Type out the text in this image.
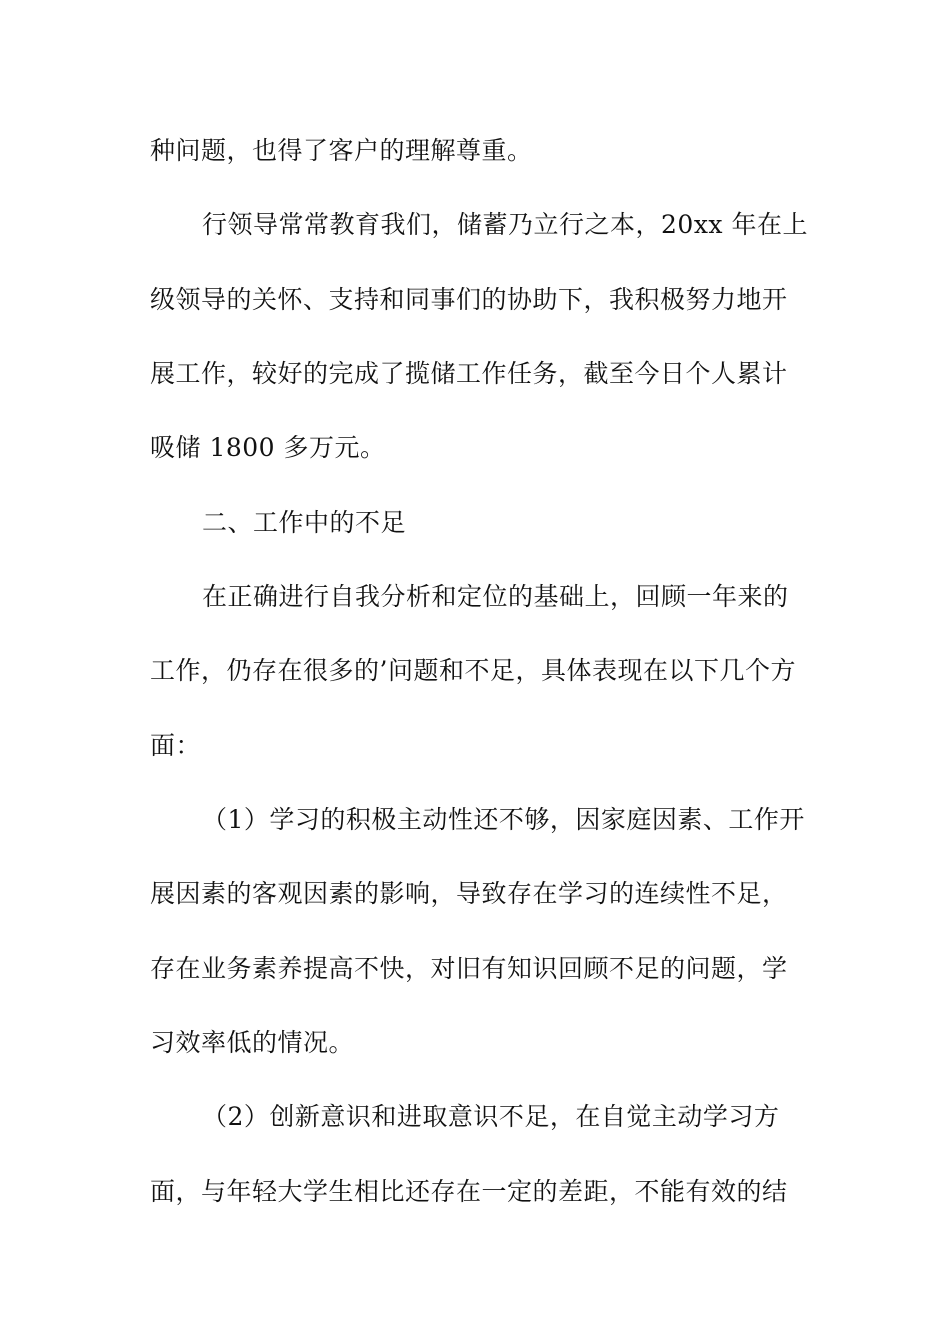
种问题，也得了客户的理解尊重。
行领导常常教育我们，储蓄乃立行之本，20xx 年在上
级领导的关怀、支持和同事们的协助下，我积极努力地开
展工作，较好的完成了揽储工作任务，截至今日个人累计
吸储 1800 多万元。
二、工作中的不足
在正确进行自我分析和定位的基础上，回顾一年来的
工作，仍存在很多的’问题和不足，具体表现在以下几个方
面：
（1）学习的积极主动性还不够，因家庭因素、工作开
展因素的客观因素的影响，导致存在学习的连续性不足，
存在业务素养提高不快，对旧有知识回顾不足的问题，学
习效率低的情况。
（2）创新意识和进取意识不足，在自觉主动学习方
面，与年轻大学生相比还存在一定的差距，不能有效的结
